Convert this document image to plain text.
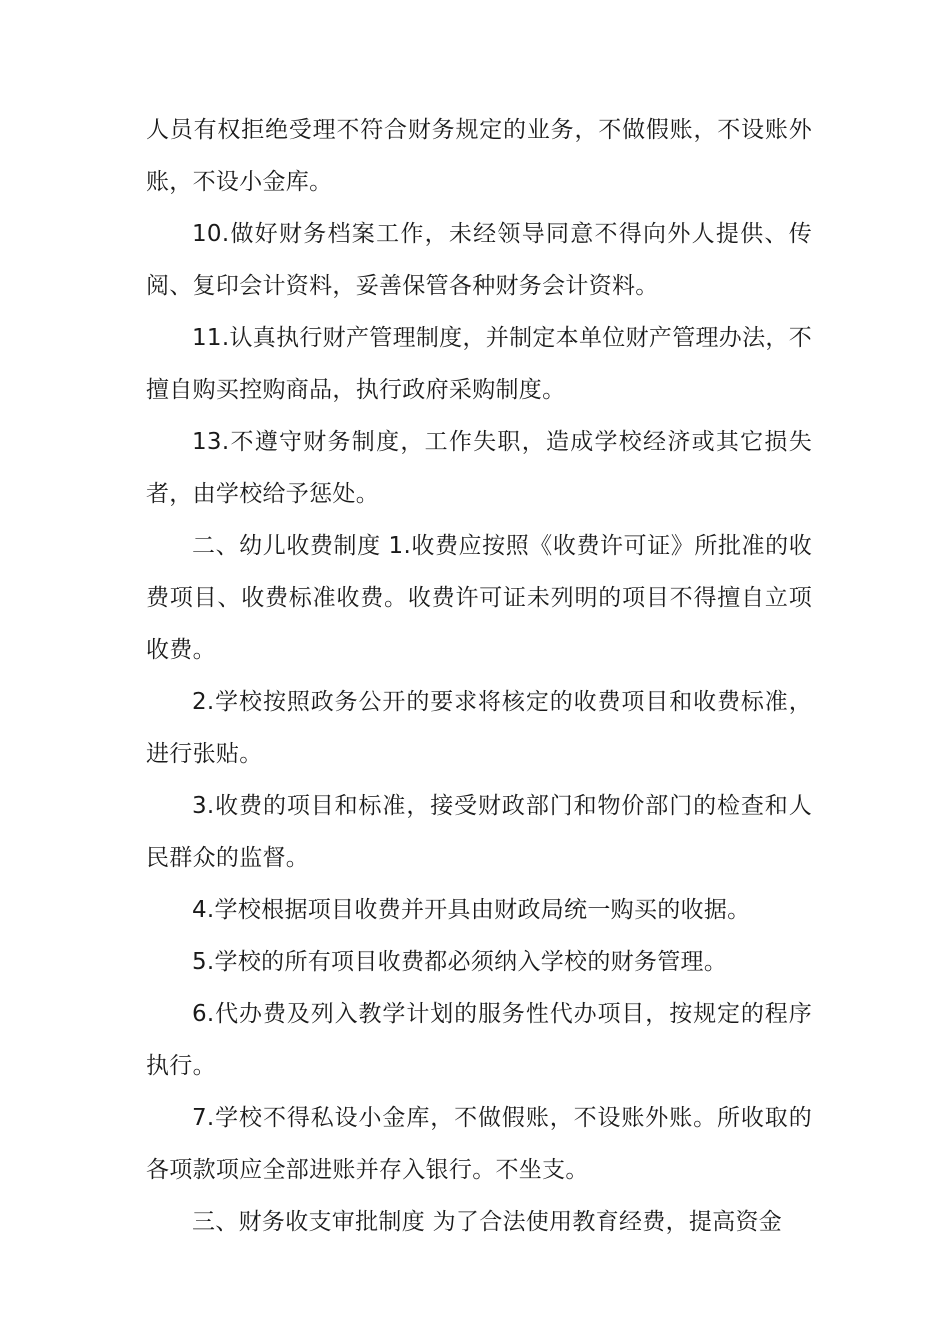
人员有权拒绝受理不符合财务规定的业务，不做假账，不设账外账，不设小金库。

10.做好财务档案工作，未经领导同意不得向外人提供、传阅、复印会计资料，妥善保管各种财务会计资料。

11.认真执行财产管理制度，并制定本单位财产管理办法，不擅自购买控购商品，执行政府采购制度。

13.不遵守财务制度，工作失职，造成学校经济或其它损失者，由学校给予惩处。

二、幼儿收费制度 1.收费应按照《收费许可证》所批准的收费项目、收费标准收费。收费许可证未列明的项目不得擅自立项收费。

2.学校按照政务公开的要求将核定的收费项目和收费标准，进行张贴。

3.收费的项目和标准，接受财政部门和物价部门的检查和人民群众的监督。

4.学校根据项目收费并开具由财政局统一购买的收据。

5.学校的所有项目收费都必须纳入学校的财务管理。

6.代办费及列入教学计划的服务性代办项目，按规定的程序执行。

7.学校不得私设小金库，不做假账，不设账外账。所收取的各项款项应全部进账并存入银行。不坐支。

三、财务收支审批制度 为了合法使用教育经费，提高资金
